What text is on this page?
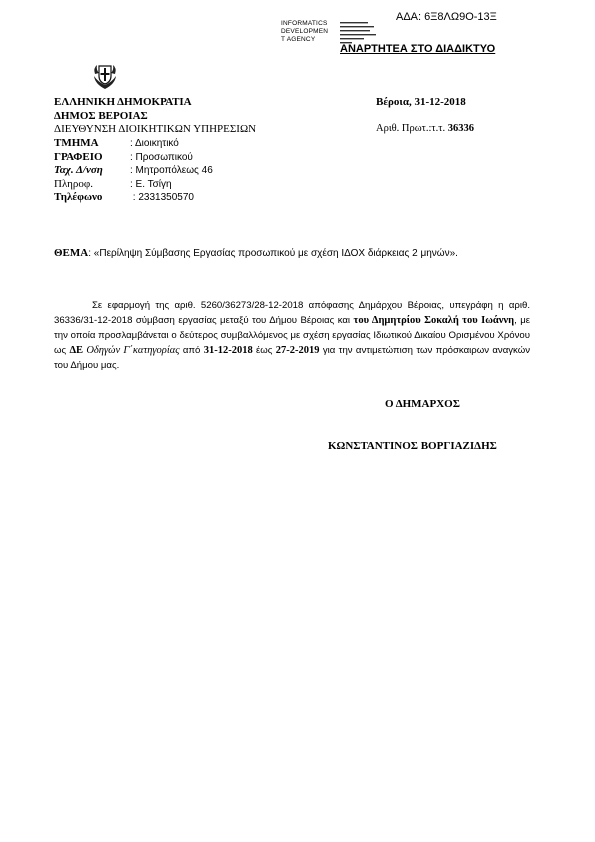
ΑΔΑ: 6Ξ8ΛΩ9Ο-13Ξ
INFORMATICS
DEVELOPMEN
T AGENCY
ΑΝΑΡΤΗΤΕΑ ΣΤΟ ΔΙΑΔΙΚΤΥΟ
ΕΛΛΗΝΙΚΗ ΔΗΜΟΚΡΑΤΙΑ
ΔΗΜΟΣ ΒΕΡΟΙΑΣ
ΔΙΕΥΘΥΝΣΗ ΔΙΟΙΚΗΤΙΚΩΝ ΥΠΗΡΕΣΙΩΝ
Βέροια, 31-12-2018
Αριθ. Πρωτ.:τ.τ. 36336
ΤΜΗΜΑ	: Διοικητικό
ΓΡΑΦΕΙΟ	: Προσωπικού
Ταχ. Δ/νση	: Μητροπόλεως 46
Πληροφ.	: Ε. Τσίγη
Τηλέφωνο	: 2331350570
ΘΕΜΑ: «Περίληψη Σύμβασης Εργασίας προσωπικού με σχέση ΙΔΟΧ διάρκειας 2 μηνών».
Σε εφαρμογή της αριθ. 5260/36273/28-12-2018 απόφασης Δημάρχου Βέροιας, υπεγράφη η αριθ. 36336/31-12-2018 σύμβαση εργασίας μεταξύ του Δήμου Βέροιας και του Δημητρίου Σοκαλή του Ιωάννη, με την οποία προσλαμβάνεται ο δεύτερος συμβαλλόμενος με σχέση εργασίας Ιδιωτικού Δικαίου Ορισμένου Χρόνου ως ΔΕ Οδηγών Γ΄κατηγορίας από 31-12-2018 έως 27-2-2019 για την αντιμετώπιση των πρόσκαιρων αναγκών του Δήμου μας.
Ο ΔΗΜΑΡΧΟΣ
ΚΩΝΣΤΑΝΤΙΝΟΣ ΒΟΡΓΙΑΖΙΔΗΣ
